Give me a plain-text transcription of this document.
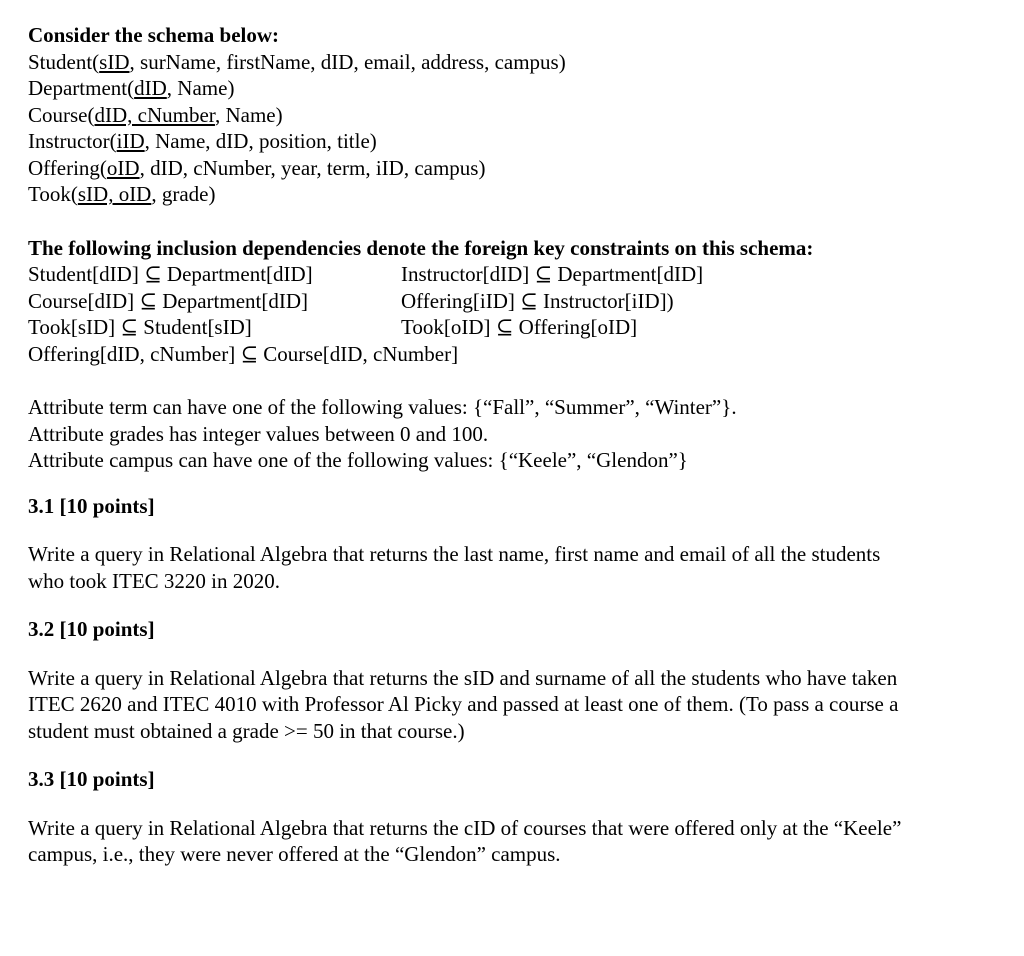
Consider the schema below:
Student(sID, surName, firstName, dID, email, address, campus)
Department(dID, Name)
Course(dID, cNumber, Name)
Instructor(iID, Name, dID, position, title)
Offering(oID, dID, cNumber, year, term, iID, campus)
Took(sID, oID, grade)
The following inclusion dependencies denote the foreign key constraints on this schema:
Student[dID] ⊆ Department[dID]	Instructor[dID] ⊆ Department[dID]
Course[dID] ⊆ Department[dID]	Offering[iID] ⊆ Instructor[iID])
Took[sID] ⊆ Student[sID]	Took[oID] ⊆ Offering[oID]
Offering[dID, cNumber] ⊆ Course[dID, cNumber]
Attribute term can have one of the following values: {“Fall”, “Summer”, “Winter”}.
Attribute grades has integer values between 0 and 100.
Attribute campus can have one of the following values: {“Keele”, “Glendon”}
3.1 [10 points]
Write a query in Relational Algebra that returns the last name, first name and email of all the students
who took ITEC 3220 in 2020.
3.2 [10 points]
Write a query in Relational Algebra that returns the sID and surname of all the students who have taken
ITEC 2620 and ITEC 4010 with Professor Al Picky and passed at least one of them. (To pass a course a
student must obtained a grade >= 50 in that course.)
3.3 [10 points]
Write a query in Relational Algebra that returns the cID of courses that were offered only at the “Keele”
campus, i.e., they were never offered at the “Glendon” campus.
